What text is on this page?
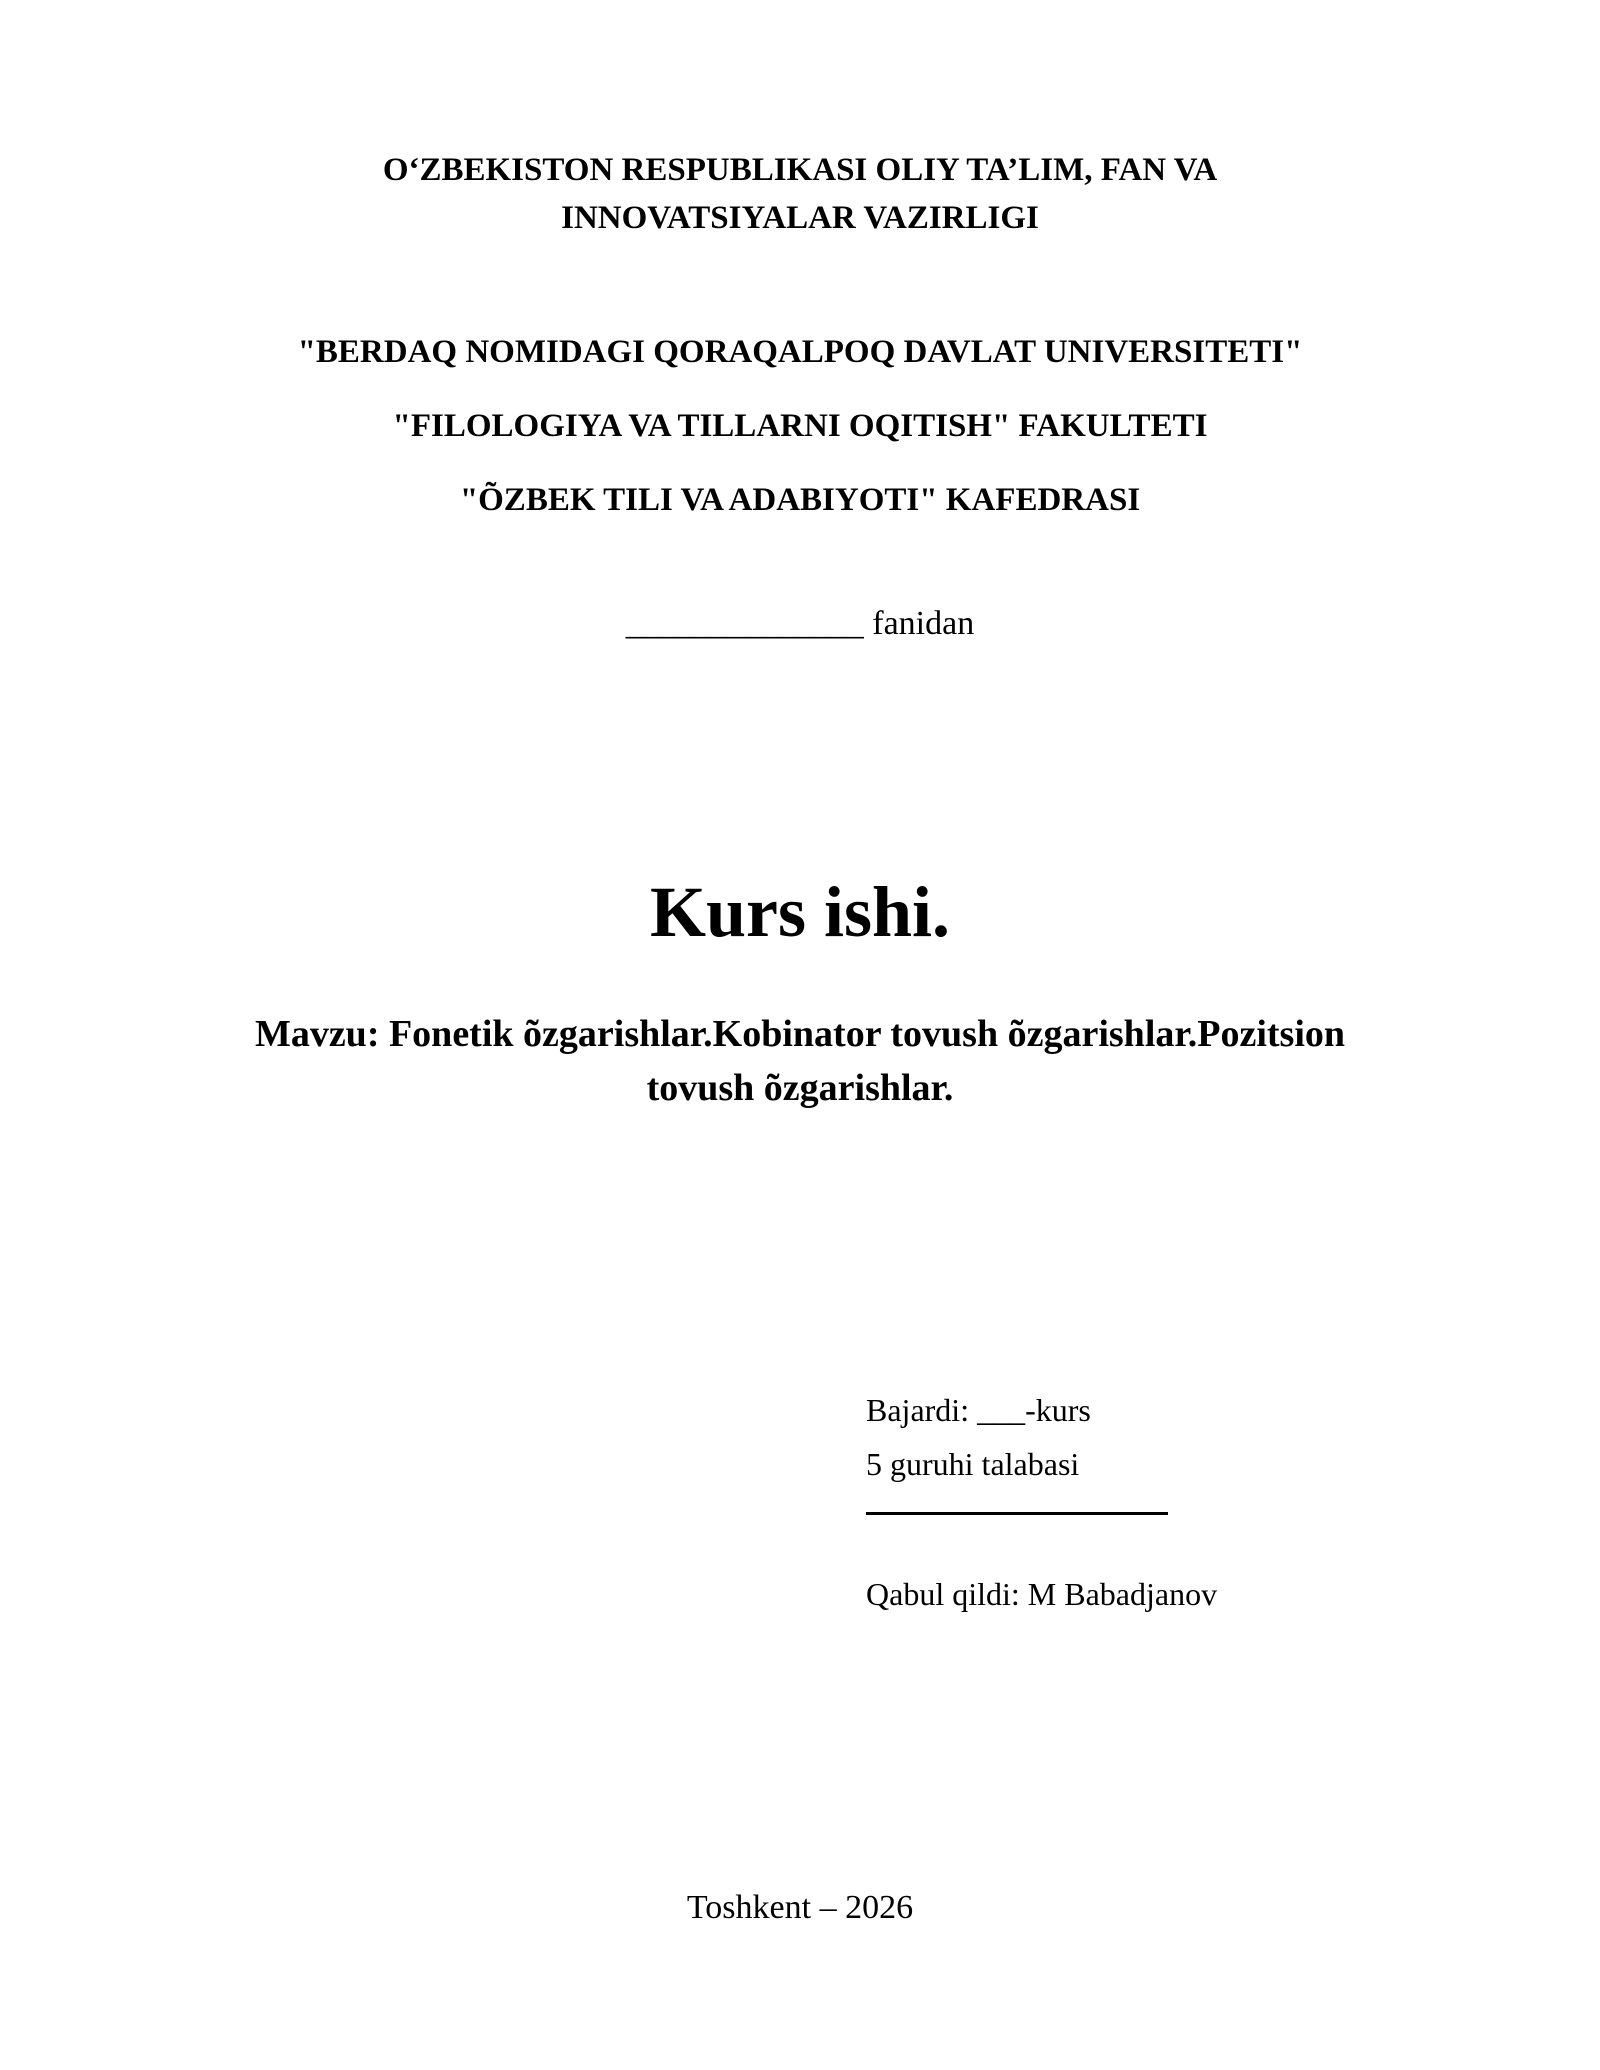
O‘ZBEKISTON RESPUBLIKASI OLIY TA’LIM, FAN VA
INNOVATSIYALAR VAZIRLIGI
"BERDAQ NOMIDAGI QORAQALPOQ DAVLAT UNIVERSITETI"
"FILOLOGIYA VA TILLARNI OQITISH" FAKULTETI
"ÕZBEK TILI VA ADABIYOTI" KAFEDRASI
______________ fanidan
Kurs ishi.
Mavzu: Fonetik õzgarishlar.Kobinator tovush õzgarishlar.Pozitsion
tovush õzgarishlar.
Bajardi: ___-kurs
5 guruhi talabasi
Qabul qildi: M Babadjanov
Toshkent – 2026
